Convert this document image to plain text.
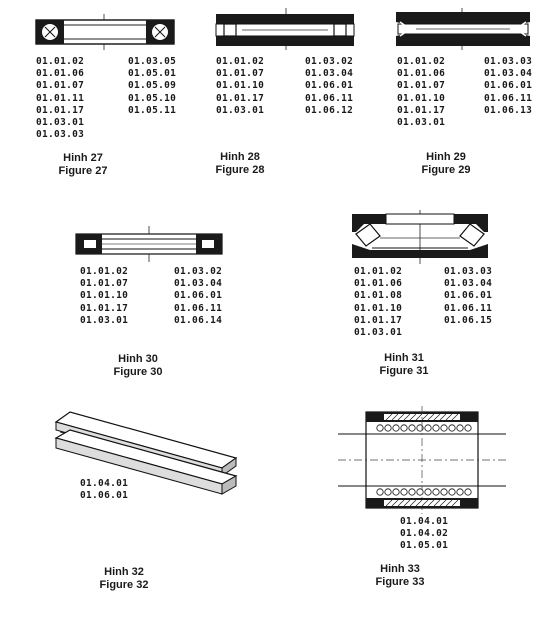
01.01.02
01.01.06
01.01.07
01.01.11
01.01.17
01.03.01
01.03.03
01.03.05
01.05.01
01.05.09
01.05.10
01.05.11
Hinh 27
Figure 27
01.01.02
01.01.07
01.01.10
01.01.17
01.03.01
01.03.02
01.03.04
01.06.01
01.06.11
01.06.12
Hinh 28
Figure 28
01.01.02
01.01.06
01.01.07
01.01.10
01.01.17
01.03.01
01.03.03
01.03.04
01.06.01
01.06.11
01.06.13
Hinh 29
Figure 29
01.01.02
01.01.07
01.01.10
01.01.17
01.03.01
01.03.02
01.03.04
01.06.01
01.06.11
01.06.14
Hinh 30
Figure 30
01.01.02
01.01.06
01.01.08
01.01.10
01.01.17
01.03.01
01.03.03
01.03.04
01.06.01
01.06.11
01.06.15
Hinh 31
Figure 31
01.04.01
01.06.01
Hinh 32
Figure 32
01.04.01
01.04.02
01.05.01
Hinh 33
Figure 33
